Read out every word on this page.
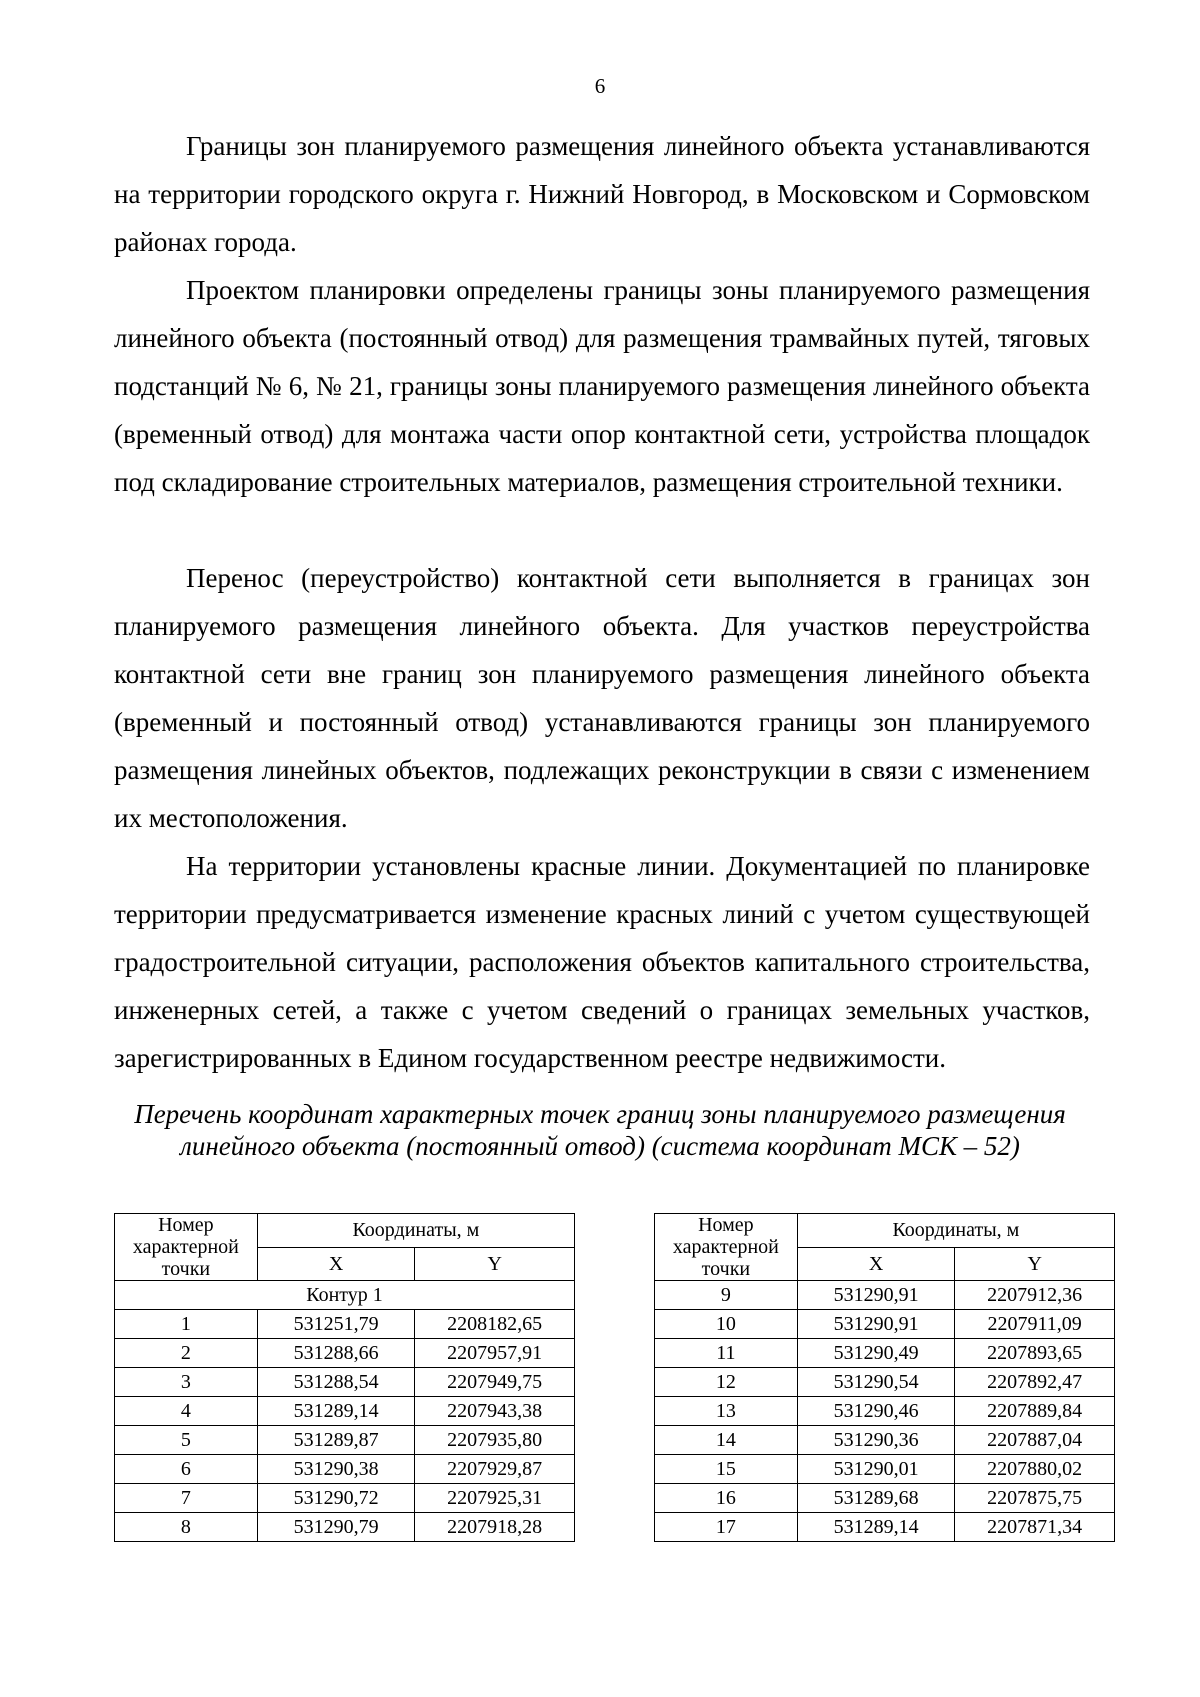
6

Границы зон планируемого размещения линейного объекта устанавливаются на территории городского округа г. Нижний Новгород, в Московском и Сормовском районах города.

Проектом планировки определены границы зоны планируемого размещения линейного объекта (постоянный отвод) для размещения трамвайных путей, тяговых подстанций № 6, № 21, границы зоны планируемого размещения линейного объекта (временный отвод) для монтажа части опор контактной сети, устройства площадок под складирование строительных материалов, размещения строительной техники.

Перенос (переустройство) контактной сети выполняется в границах зон планируемого размещения линейного объекта. Для участков переустройства контактной сети вне границ зон планируемого размещения линейного объекта (временный и постоянный отвод) устанавливаются границы зон планируемого размещения линейных объектов, подлежащих реконструкции в связи с изменением их местоположения.

На территории установлены красные линии. Документацией по планировке территории предусматривается изменение красных линий с учетом существующей градостроительной ситуации, расположения объектов капитального строительства, инженерных сетей, а также с учетом сведений о границах земельных участков, зарегистрированных в Едином государственном реестре недвижимости.

Перечень координат характерных точек границ зоны планируемого размещения
линейного объекта (постоянный отвод) (система координат МСК – 52)
Номер характерной точки	Координаты, м	
	X	Y
Контур 1		
1	531251,79	2208182,65
2	531288,66	2207957,91
3	531288,54	2207949,75
4	531289,14	2207943,38
5	531289,87	2207935,80
6	531290,38	2207929,87
7	531290,72	2207925,31
8	531290,79	2207918,28
Номер характерной точки	Координаты, м	
	X	Y
9	531290,91	2207912,36
10	531290,91	2207911,09
11	531290,49	2207893,65
12	531290,54	2207892,47
13	531290,46	2207889,84
14	531290,36	2207887,04
15	531290,01	2207880,02
16	531289,68	2207875,75
17	531289,14	2207871,34
